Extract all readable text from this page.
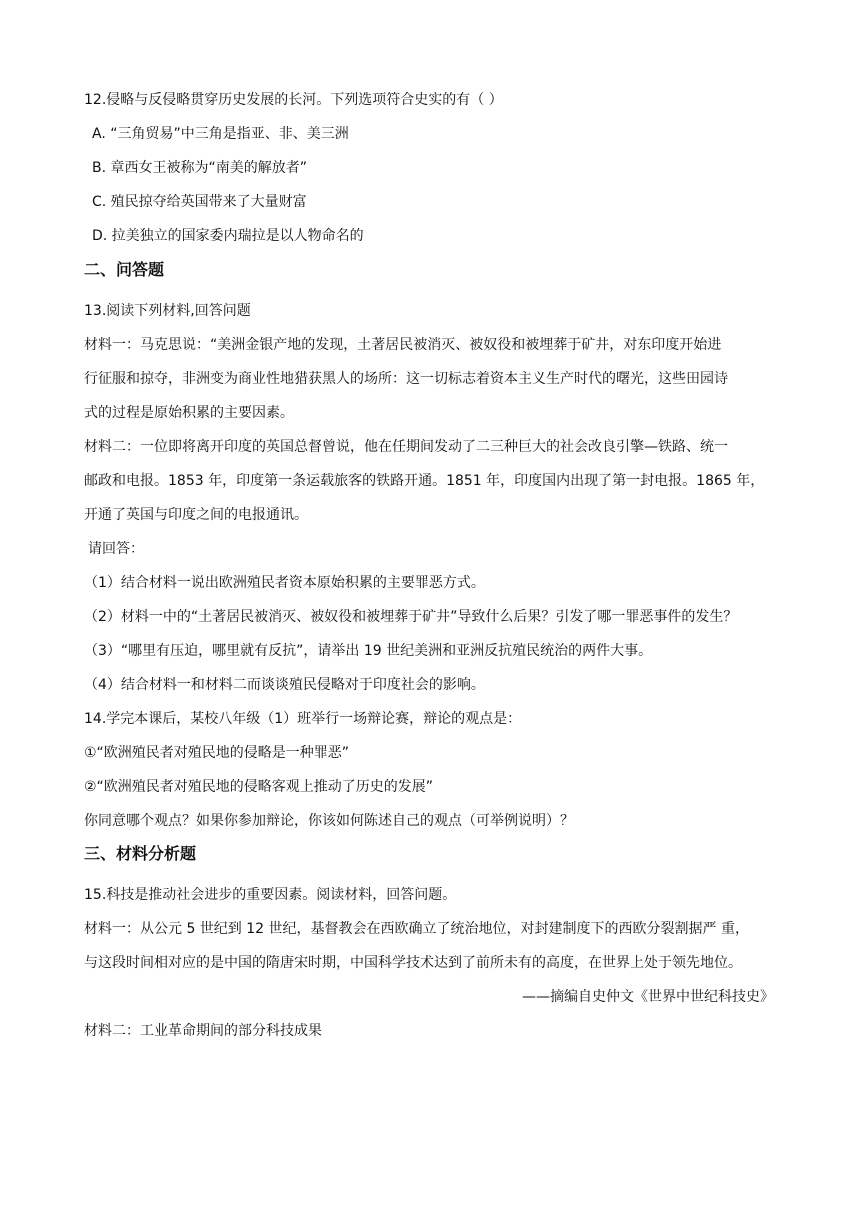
12.侵略与反侵略贯穿历史发展的长河。下列选项符合史实的有（ ）
A. “三角贸易”中三角是指亚、非、美三洲
B. 章西女王被称为“南美的解放者”
C. 殖民掠夺给英国带来了大量财富
D. 拉美独立的国家委内瑞拉是以人物命名的
二、问答题
13.阅读下列材料,回答问题
材料一：马克思说：“美洲金银产地的发现，土著居民被消灭、被奴役和被埋葬于矿井，对东印度开始进
行征服和掠夺，非洲变为商业性地猎获黑人的场所：这一切标志着资本主义生产时代的曙光，这些田园诗
式的过程是原始积累的主要因素。
材料二：一位即将离开印度的英国总督曾说，他在任期间发动了二三种巨大的社会改良引擎—铁路、统一
邮政和电报。1853 年，印度第一条运载旅客的铁路开通。1851 年，印度国内出现了第一封电报。1865 年，
开通了英国与印度之间的电报通讯。
请回答：
（1）结合材料一说出欧洲殖民者资本原始积累的主要罪恶方式。
（2）材料一中的“土著居民被消灭、被奴役和被埋葬于矿井”导致什么后果？引发了哪一罪恶事件的发生？
（3）“哪里有压迫，哪里就有反抗”，请举出 19 世纪美洲和亚洲反抗殖民统治的两件大事。
（4）结合材料一和材料二而谈谈殖民侵略对于印度社会的影响。
14.学完本课后，某校八年级（1）班举行一场辩论赛，辩论的观点是：
①“欧洲殖民者对殖民地的侵略是一种罪恶”
②“欧洲殖民者对殖民地的侵略客观上推动了历史的发展”
你同意哪个观点？如果你参加辩论，你该如何陈述自己的观点（可举例说明）？
三、材料分析题
15.科技是推动社会进步的重要因素。阅读材料，回答问题。
材料一：从公元 5 世纪到 12 世纪，基督教会在西欧确立了统治地位，对封建制度下的西欧分裂割据严 重，
与这段时间相对应的是中国的隋唐宋时期，中国科学技术达到了前所未有的高度，在世界上处于领先地位。
——摘编自史仲文《世界中世纪科技史》
材料二：工业革命期间的部分科技成果
